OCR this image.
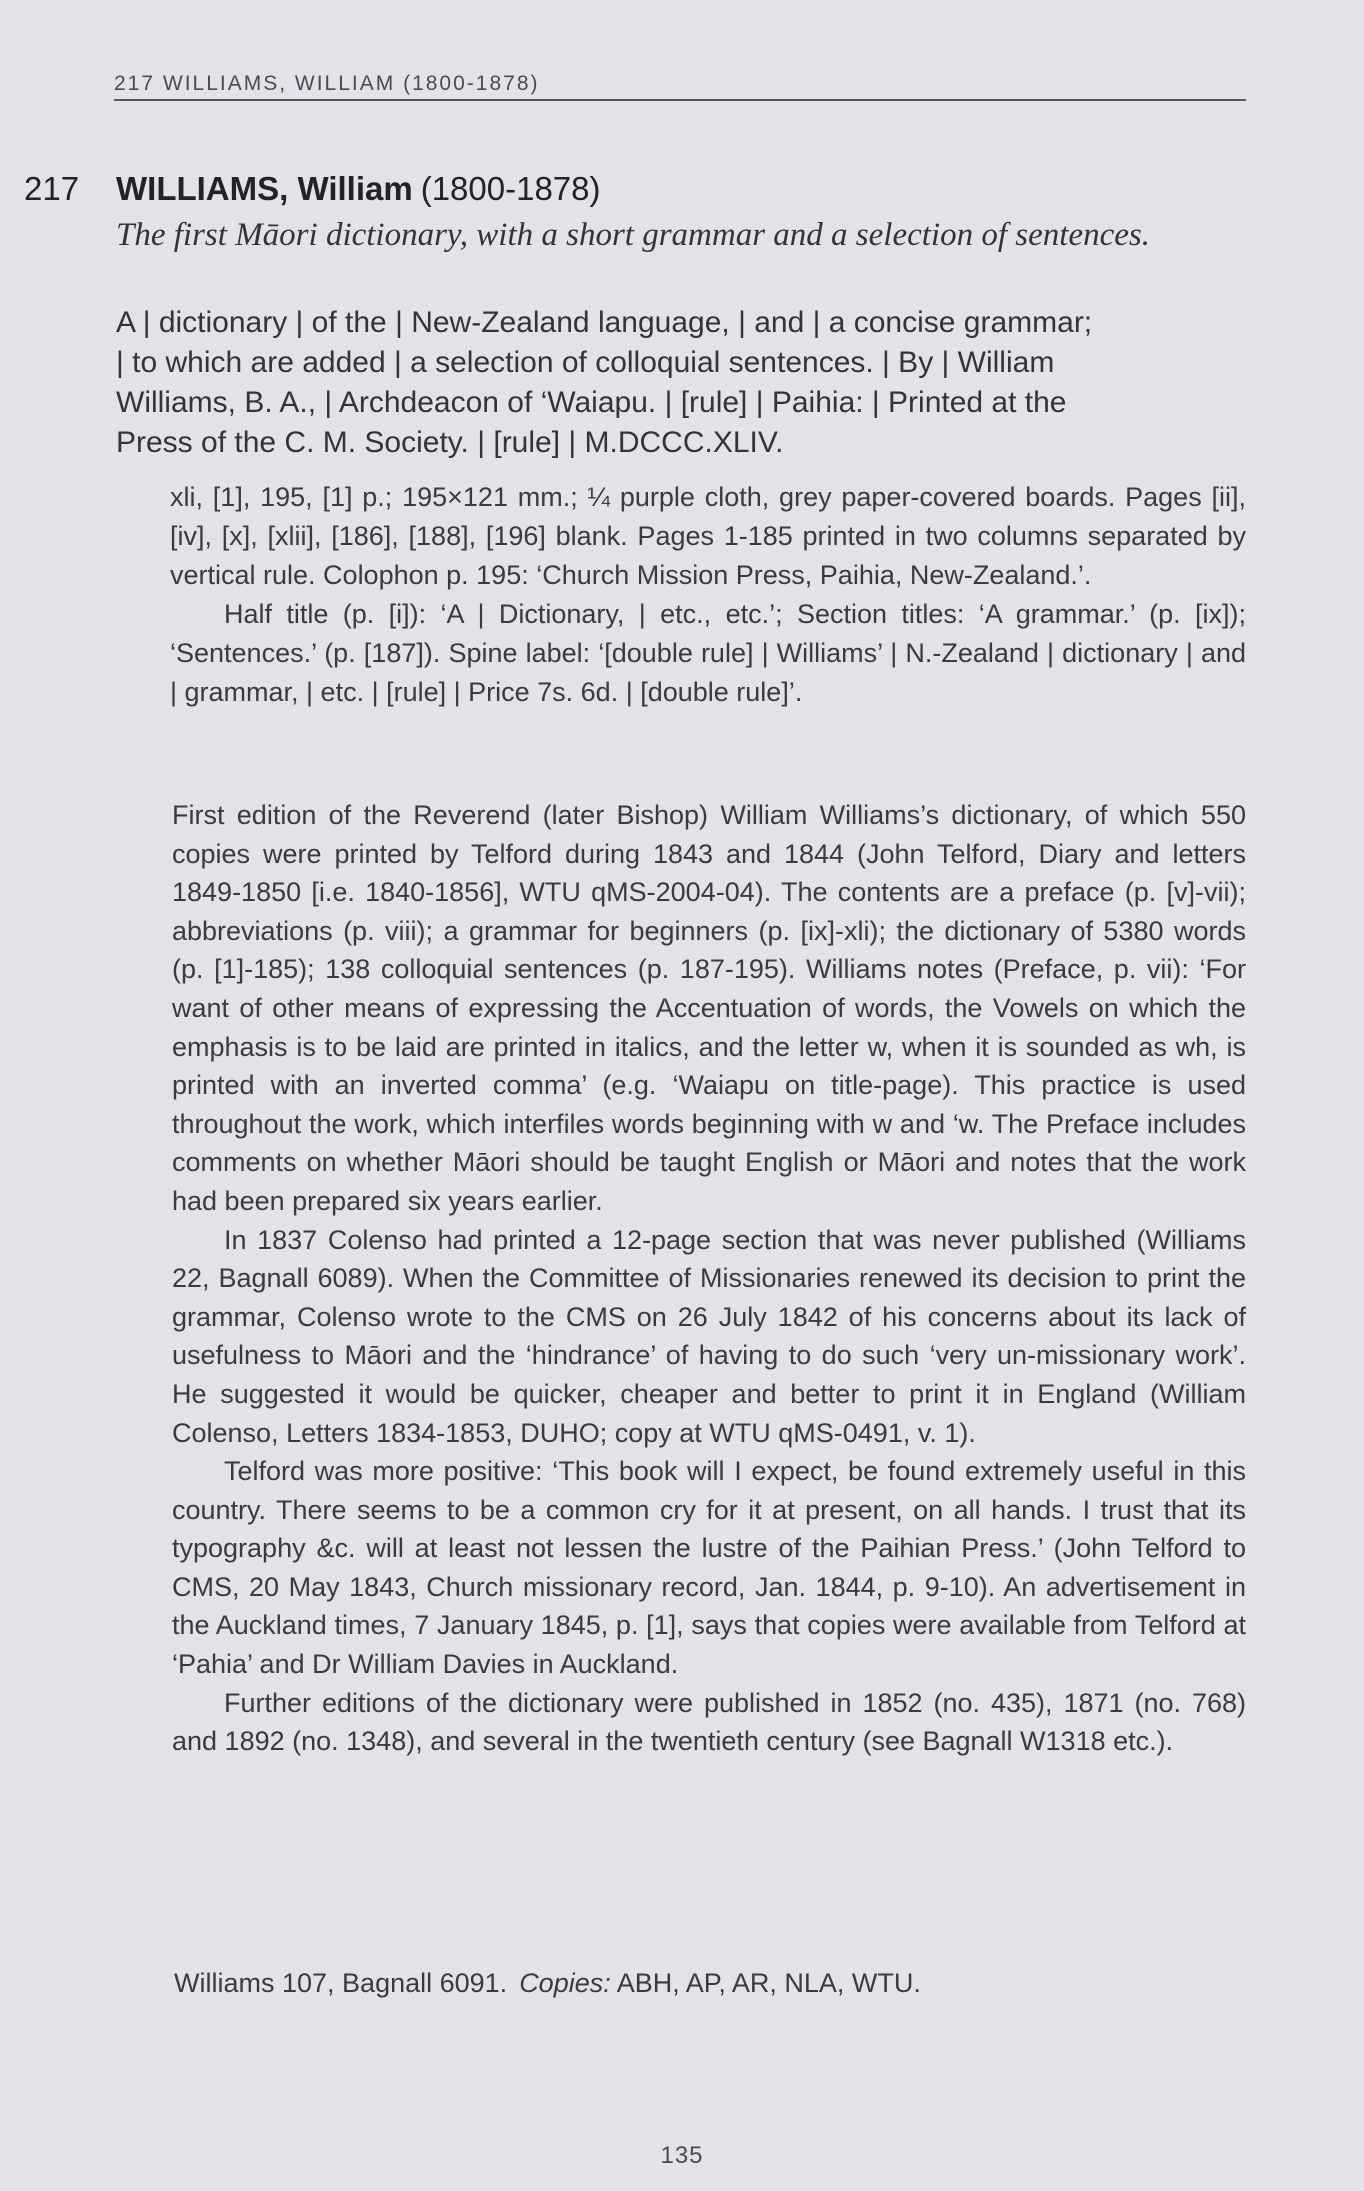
217 WILLIAMS, WILLIAM (1800-1878)
217 WILLIAMS, William (1800-1878)
The first Māori dictionary, with a short grammar and a selection of sentences.
A | dictionary | of the | New-Zealand language, | and | a concise grammar;
| to which are added | a selection of colloquial sentences. | By | William
Williams, B. A., | Archdeacon of ‘Waiapu. | [rule] | Paihia: | Printed at the
Press of the C. M. Society. | [rule] | M.DCCC.XLIV.
xli, [1], 195, [1] p.; 195×121 mm.; ¼ purple cloth, grey paper-covered boards. Pages [ii], [iv], [x], [xlii], [186], [188], [196] blank. Pages 1-185 printed in two columns separated by vertical rule. Colophon p. 195: ‘Church Mission Press, Paihia, New-Zealand.’.
Half title (p. [i]): ‘A | Dictionary, | etc., etc.’; Section titles: ‘A grammar.’ (p. [ix]); ‘Sentences.’ (p. [187]). Spine label: ‘[double rule] | Williams’ | N.-Zealand | dictionary | and | grammar, | etc. | [rule] | Price 7s. 6d. | [double rule]’.

First edition of the Reverend (later Bishop) William Williams’s dictionary, of which 550 copies were printed by Telford during 1843 and 1844 (John Telford, Diary and letters 1849-1850 [i.e. 1840-1856], WTU qMS-2004-04). The contents are a preface (p. [v]-vii); abbreviations (p. viii); a grammar for beginners (p. [ix]-xli); the dictionary of 5380 words (p. [1]-185); 138 colloquial sentences (p. 187-195). Williams notes (Preface, p. vii): ‘For want of other means of expressing the Accentuation of words, the Vowels on which the emphasis is to be laid are printed in italics, and the letter w, when it is sounded as wh, is printed with an inverted comma’ (e.g. ‘Waiapu on title-page). This practice is used throughout the work, which interfiles words beginning with w and ‘w. The Preface includes comments on whether Māori should be taught English or Māori and notes that the work had been prepared six years earlier.

In 1837 Colenso had printed a 12-page section that was never published (Williams 22, Bagnall 6089). When the Committee of Missionaries renewed its decision to print the grammar, Colenso wrote to the CMS on 26 July 1842 of his concerns about its lack of usefulness to Māori and the ‘hindrance’ of having to do such ‘very un-missionary work’. He suggested it would be quicker, cheaper and better to print it in England (William Colenso, Letters 1834-1853, DUHO; copy at WTU qMS-0491, v. 1).

Telford was more positive: ‘This book will I expect, be found extremely useful in this country. There seems to be a common cry for it at present, on all hands. I trust that its typography &c. will at least not lessen the lustre of the Paihian Press.’ (John Telford to CMS, 20 May 1843, Church missionary record, Jan. 1844, p. 9-10). An advertisement in the Auckland times, 7 January 1845, p. [1], says that copies were available from Telford at ‘Pahia’ and Dr William Davies in Auckland.

Further editions of the dictionary were published in 1852 (no. 435), 1871 (no. 768) and 1892 (no. 1348), and several in the twentieth century (see Bagnall W1318 etc.).

Williams 107, Bagnall 6091. Copies: ABH, AP, AR, NLA, WTU.
135
